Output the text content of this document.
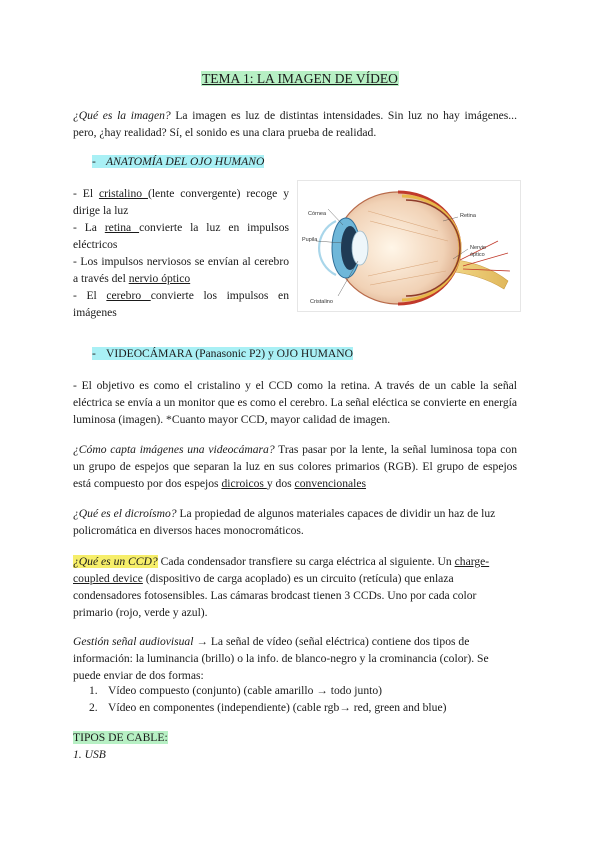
TEMA 1: LA IMAGEN DE VÍDEO

¿Qué es la imagen? La imagen es luz de distintas intensidades. Sin luz no hay imágenes... pero, ¿hay realidad? Sí, el sonido es una clara prueba de realidad.

- ANATOMÍA DEL OJO HUMANO

- El cristalino (lente convergente) recoge y dirige la luz
- La retina convierte la luz en impulsos eléctricos
- Los impulsos nerviosos se envían al cerebro a través del nervio óptico
- El cerebro convierte los impulsos en imágenes

Córnea
Pupila
Retina
Nervio óptico
Cristalino
- VIDEOCÁMARA (Panasonic P2) y OJO HUMANO

- El objetivo es como el cristalino y el CCD como la retina. A través de un cable la señal eléctrica se envía a un monitor que es como el cerebro. La señal eléctica se convierte en energía luminosa (imagen). *Cuanto mayor CCD, mayor calidad de imagen.

¿Cómo capta imágenes una videocámara? Tras pasar por la lente, la señal luminosa topa con un grupo de espejos que separan la luz en sus colores primarios (RGB). El grupo de espejos está compuesto por dos espejos dicroicos y dos convencionales

¿Qué es el dicroísmo? La propiedad de algunos materiales capaces de dividir un haz de luz policromática en diversos haces monocromáticos.

¿Qué es un CCD? Cada condensador transfiere su carga eléctrica al siguiente. Un charge-coupled device (dispositivo de carga acoplado) es un circuito (retícula) que enlaza condensadores fotosensibles. Las cámaras brodcast tienen 3 CCDs. Uno por cada color primario (rojo, verde y azul).

Gestión señal audiovisual → La señal de vídeo (señal eléctrica) contiene dos tipos de información: la luminancia (brillo) o la info. de blanco-negro y la crominancia (color). Se puede enviar de dos formas:

1. Vídeo compuesto (conjunto) (cable amarillo → todo junto)
2. Vídeo en componentes (independiente) (cable rgb→ red, green and blue)

TIPOS DE CABLE:
1. USB
